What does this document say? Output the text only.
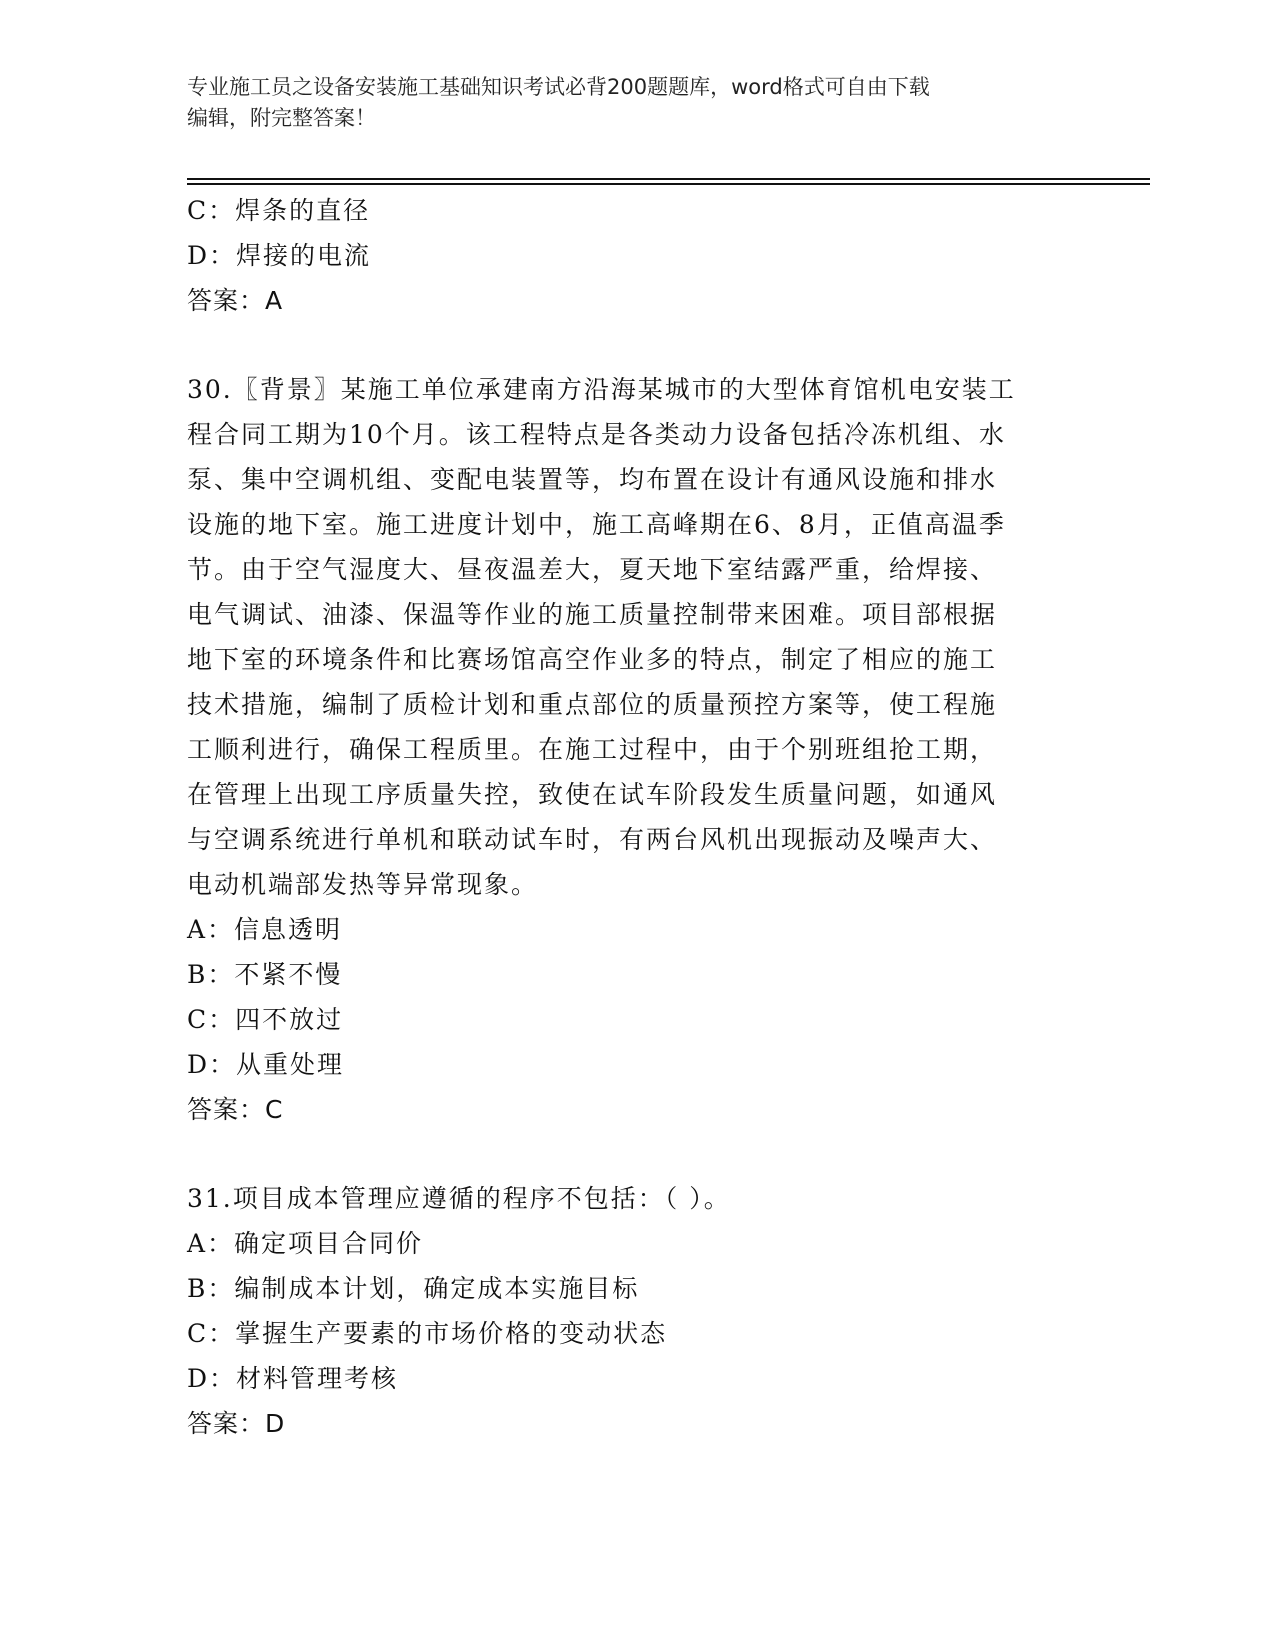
专业施工员之设备安装施工基础知识考试必背200题题库，word格式可自由下载
编辑，附完整答案！
C：焊条的直径
D：焊接的电流
答案：A
30.〖背景〗某施工单位承建南方沿海某城市的大型体育馆机电安装工
程合同工期为10个月。该工程特点是各类动力设备包括冷冻机组、水
泵、集中空调机组、变配电装置等，均布置在设计有通风设施和排水
设施的地下室。施工进度计划中，施工高峰期在6、8月，正值高温季
节。由于空气湿度大、昼夜温差大，夏天地下室结露严重，给焊接、
电气调试、油漆、保温等作业的施工质量控制带来困难。项目部根据
地下室的环境条件和比赛场馆高空作业多的特点，制定了相应的施工
技术措施，编制了质检计划和重点部位的质量预控方案等，使工程施
工顺利进行，确保工程质里。在施工过程中，由于个别班组抢工期，
在管理上出现工序质量失控，致使在试车阶段发生质量问题，如通风
与空调系统进行单机和联动试车时，有两台风机出现振动及噪声大、
电动机端部发热等异常现象。
A：信息透明
B：不紧不慢
C：四不放过
D：从重处理
答案：C
31.项目成本管理应遵循的程序不包括：（ ）。
A：确定项目合同价
B：编制成本计划，确定成本实施目标
C：掌握生产要素的市场价格的变动状态
D：材料管理考核
答案：D
